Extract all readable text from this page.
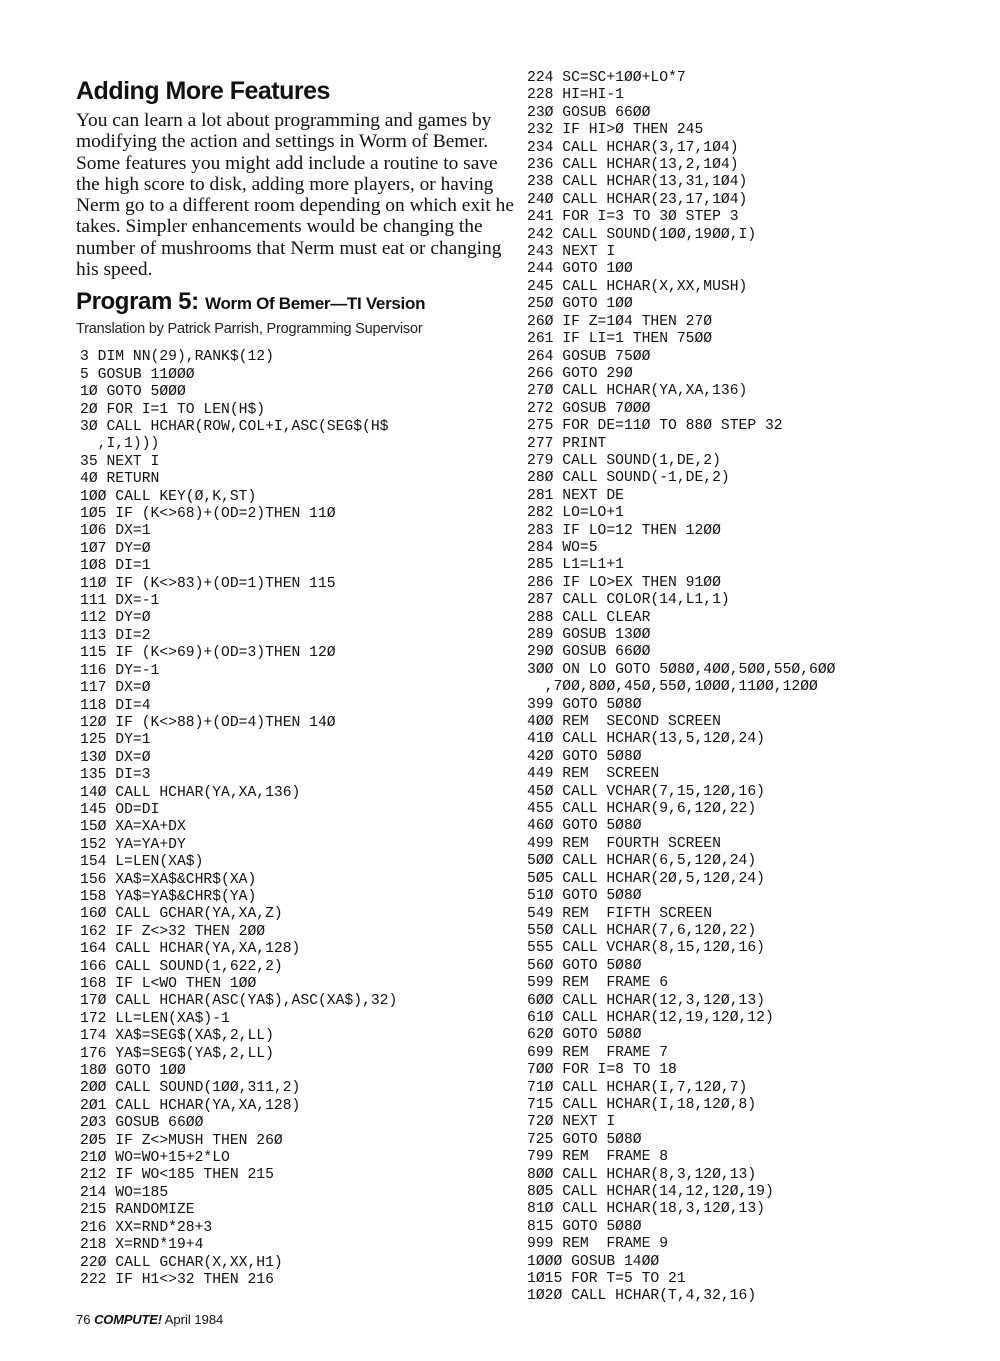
Adding More Features

You can learn a lot about programming and games by modifying the action and settings in Worm of Bemer. Some features you might add include a routine to save the high score to disk, adding more players, or having Nerm go to a different room depending on which exit he takes. Simpler enhancements would be changing the number of mushrooms that Nerm must eat or changing his speed.

Program 5: Worm Of Bemer—TI Version
Translation by Patrick Parrish, Programming Supervisor
3 DIM NN(29),RANK$(12)
5 GOSUB 11ØØØ
1Ø GOTO 5ØØØ
2Ø FOR I=1 TO LEN(H$)
3Ø CALL HCHAR(ROW,COL+I,ASC(SEG$(H$
,I,1)))
35 NEXT I
4Ø RETURN
1ØØ CALL KEY(Ø,K,ST)
1Ø5 IF (K<>68)+(OD=2)THEN 11Ø
1Ø6 DX=1
1Ø7 DY=Ø
1Ø8 DI=1
11Ø IF (K<>83)+(OD=1)THEN 115
111 DX=-1
112 DY=Ø
113 DI=2
115 IF (K<>69)+(OD=3)THEN 12Ø
116 DY=-1
117 DX=Ø
118 DI=4
12Ø IF (K<>88)+(OD=4)THEN 14Ø
125 DY=1
13Ø DX=Ø
135 DI=3
14Ø CALL HCHAR(YA,XA,136)
145 OD=DI
15Ø XA=XA+DX
152 YA=YA+DY
154 L=LEN(XA$)
156 XA$=XA$&CHR$(XA)
158 YA$=YA$&CHR$(YA)
16Ø CALL GCHAR(YA,XA,Z)
162 IF Z<>32 THEN 2ØØ
164 CALL HCHAR(YA,XA,128)
166 CALL SOUND(1,622,2)
168 IF L<WO THEN 1ØØ
17Ø CALL HCHAR(ASC(YA$),ASC(XA$),32)
172 LL=LEN(XA$)-1
174 XA$=SEG$(XA$,2,LL)
176 YA$=SEG$(YA$,2,LL)
18Ø GOTO 1ØØ
2ØØ CALL SOUND(1ØØ,311,2)
2Ø1 CALL HCHAR(YA,XA,128)
2Ø3 GOSUB 66ØØ
2Ø5 IF Z<>MUSH THEN 26Ø
21Ø WO=WO+15+2*LO
212 IF WO<185 THEN 215
214 WO=185
215 RANDOMIZE
216 XX=RND*28+3
218 X=RND*19+4
22Ø CALL GCHAR(X,XX,H1)
222 IF H1<>32 THEN 216
224 SC=SC+1ØØ+LO*7
228 HI=HI-1
23Ø GOSUB 66ØØ
232 IF HI>Ø THEN 245
234 CALL HCHAR(3,17,1Ø4)
236 CALL HCHAR(13,2,1Ø4)
238 CALL HCHAR(13,31,1Ø4)
24Ø CALL HCHAR(23,17,1Ø4)
241 FOR I=3 TO 3Ø STEP 3
242 CALL SOUND(1ØØ,19ØØ,I)
243 NEXT I
244 GOTO 1ØØ
245 CALL HCHAR(X,XX,MUSH)
25Ø GOTO 1ØØ
26Ø IF Z=1Ø4 THEN 27Ø
261 IF LI=1 THEN 75ØØ
264 GOSUB 75ØØ
266 GOTO 29Ø
27Ø CALL HCHAR(YA,XA,136)
272 GOSUB 7ØØØ
275 FOR DE=11Ø TO 88Ø STEP 32
277 PRINT
279 CALL SOUND(1,DE,2)
28Ø CALL SOUND(-1,DE,2)
281 NEXT DE
282 LO=LO+1
283 IF LO=12 THEN 12ØØ
284 WO=5
285 L1=L1+1
286 IF LO>EX THEN 91ØØ
287 CALL COLOR(14,L1,1)
288 CALL CLEAR
289 GOSUB 13ØØ
29Ø GOSUB 66ØØ
3ØØ ON LO GOTO 5Ø8Ø,4ØØ,5ØØ,55Ø,6ØØ
,7ØØ,8ØØ,45Ø,55Ø,1ØØØ,11ØØ,12ØØ
399 GOTO 5Ø8Ø
4ØØ REM  SECOND SCREEN
41Ø CALL HCHAR(13,5,12Ø,24)
42Ø GOTO 5Ø8Ø
449 REM  SCREEN
45Ø CALL VCHAR(7,15,12Ø,16)
455 CALL HCHAR(9,6,12Ø,22)
46Ø GOTO 5Ø8Ø
499 REM  FOURTH SCREEN
5ØØ CALL HCHAR(6,5,12Ø,24)
5Ø5 CALL HCHAR(2Ø,5,12Ø,24)
51Ø GOTO 5Ø8Ø
549 REM  FIFTH SCREEN
55Ø CALL HCHAR(7,6,12Ø,22)
555 CALL VCHAR(8,15,12Ø,16)
56Ø GOTO 5Ø8Ø
599 REM  FRAME 6
6ØØ CALL HCHAR(12,3,12Ø,13)
61Ø CALL HCHAR(12,19,12Ø,12)
62Ø GOTO 5Ø8Ø
699 REM  FRAME 7
7ØØ FOR I=8 TO 18
71Ø CALL HCHAR(I,7,12Ø,7)
715 CALL HCHAR(I,18,12Ø,8)
72Ø NEXT I
725 GOTO 5Ø8Ø
799 REM  FRAME 8
8ØØ CALL HCHAR(8,3,12Ø,13)
8Ø5 CALL HCHAR(14,12,12Ø,19)
81Ø CALL HCHAR(18,3,12Ø,13)
815 GOTO 5Ø8Ø
999 REM  FRAME 9
1ØØØ GOSUB 14ØØ
1Ø15 FOR T=5 TO 21
1Ø2Ø CALL HCHAR(T,4,32,16)
76 COMPUTE! April 1984
